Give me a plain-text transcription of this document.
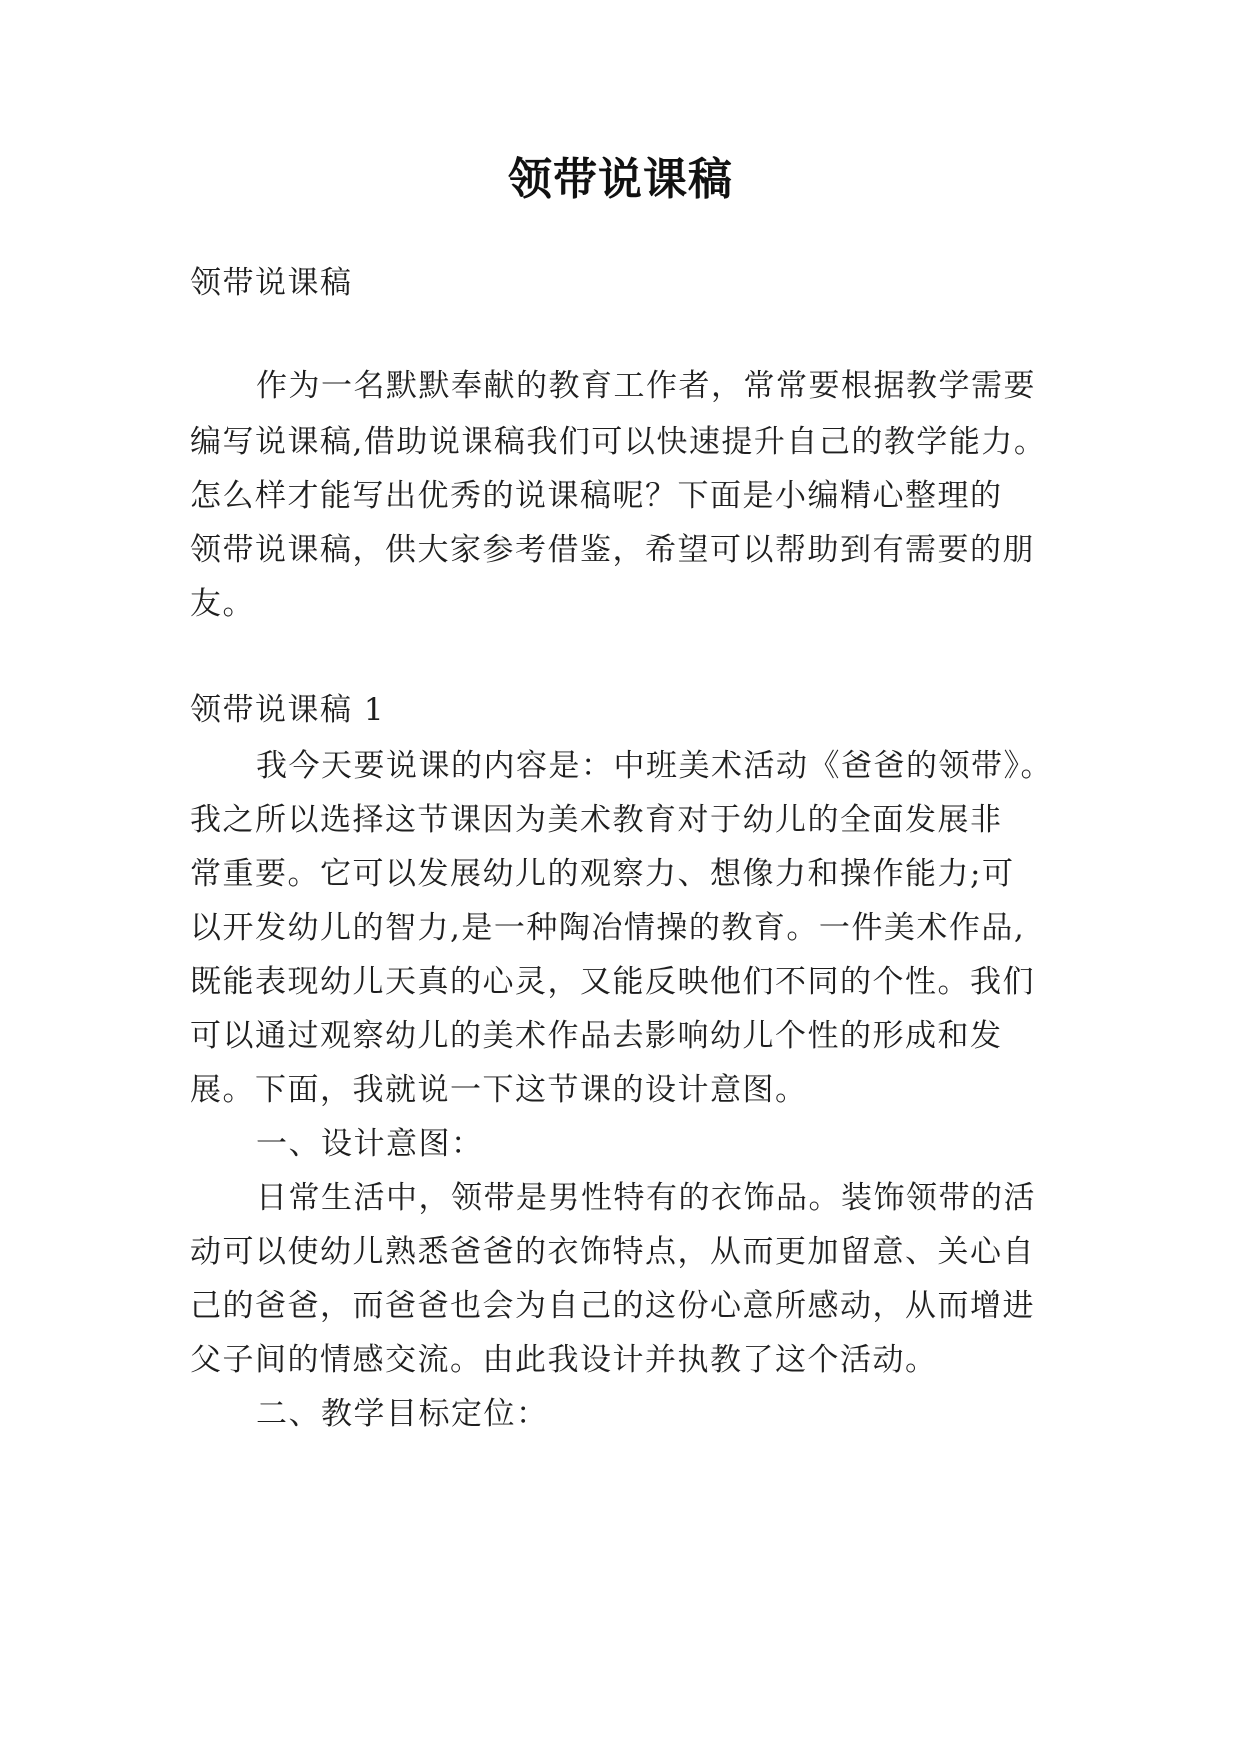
领带说课稿
领带说课稿
作为一名默默奉献的教育工作者，常常要根据教学需要
编写说课稿,借助说课稿我们可以快速提升自己的教学能力。
怎么样才能写出优秀的说课稿呢？下面是小编精心整理的
领带说课稿，供大家参考借鉴，希望可以帮助到有需要的朋
友。
领带说课稿 1
我今天要说课的内容是：中班美术活动《爸爸的领带》。
我之所以选择这节课因为美术教育对于幼儿的全面发展非
常重要。它可以发展幼儿的观察力、想像力和操作能力;可
以开发幼儿的智力,是一种陶冶情操的教育。一件美术作品,
既能表现幼儿天真的心灵，又能反映他们不同的个性。我们
可以通过观察幼儿的美术作品去影响幼儿个性的形成和发
展。下面，我就说一下这节课的设计意图。
一、设计意图：
日常生活中，领带是男性特有的衣饰品。装饰领带的活
动可以使幼儿熟悉爸爸的衣饰特点，从而更加留意、关心自
己的爸爸，而爸爸也会为自己的这份心意所感动，从而增进
父子间的情感交流。由此我设计并执教了这个活动。
二、教学目标定位：
